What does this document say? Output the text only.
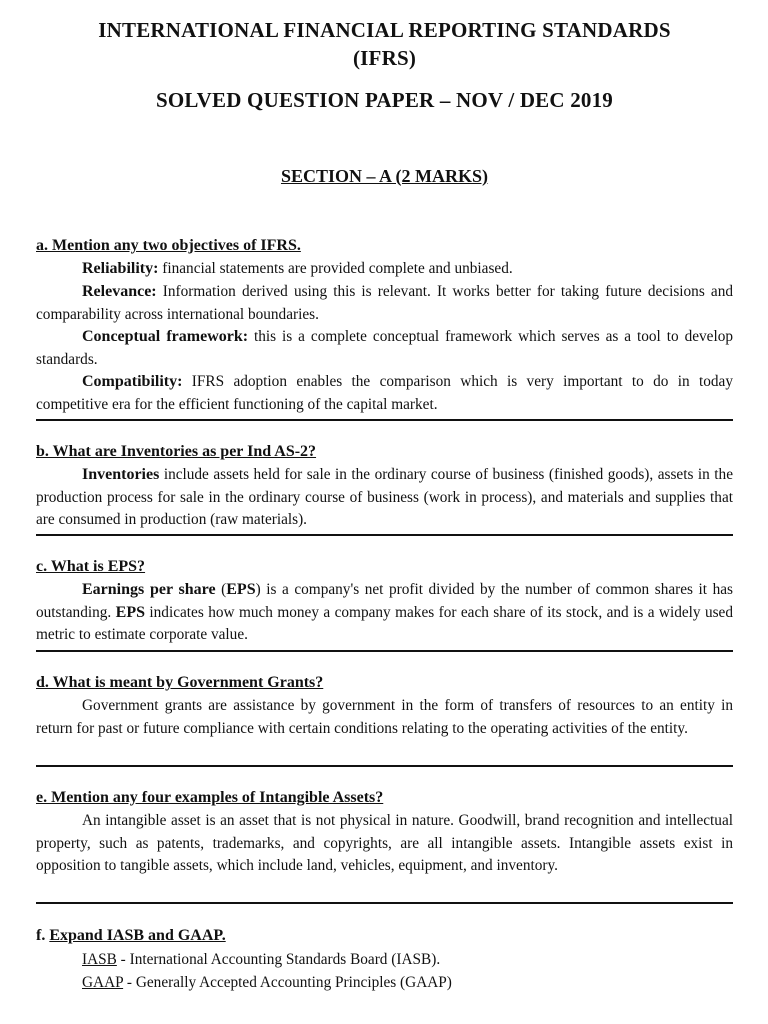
INTERNATIONAL FINANCIAL REPORTING STANDARDS
(IFRS)
SOLVED QUESTION PAPER – NOV / DEC 2019
SECTION – A (2 MARKS)

a. Mention any two objectives of IFRS.

Reliability: financial statements are provided complete and unbiased.

Relevance: Information derived using this is relevant. It works better for taking future decisions and comparability across international boundaries.

Conceptual framework: this is a complete conceptual framework which serves as a tool to develop standards.

Compatibility: IFRS adoption enables the comparison which is very important to do in today competitive era for the efficient functioning of the capital market.

b. What are Inventories as per Ind AS-2?

Inventories include assets held for sale in the ordinary course of business (finished goods), assets in the production process for sale in the ordinary course of business (work in process), and materials and supplies that are consumed in production (raw materials).

c. What is EPS?

Earnings per share (EPS) is a company's net profit divided by the number of common shares it has outstanding. EPS indicates how much money a company makes for each share of its stock, and is a widely used metric to estimate corporate value.

d. What is meant by Government Grants?

Government grants are assistance by government in the form of transfers of resources to an entity in return for past or future compliance with certain conditions relating to the operating activities of the entity.

e. Mention any four examples of Intangible Assets?

An intangible asset is an asset that is not physical in nature. Goodwill, brand recognition and intellectual property, such as patents, trademarks, and copyrights, are all intangible assets. Intangible assets exist in opposition to tangible assets, which include land, vehicles, equipment, and inventory.

f. Expand IASB and GAAP.

IASB - International Accounting Standards Board (IASB).

GAAP - Generally Accepted Accounting Principles (GAAP)
